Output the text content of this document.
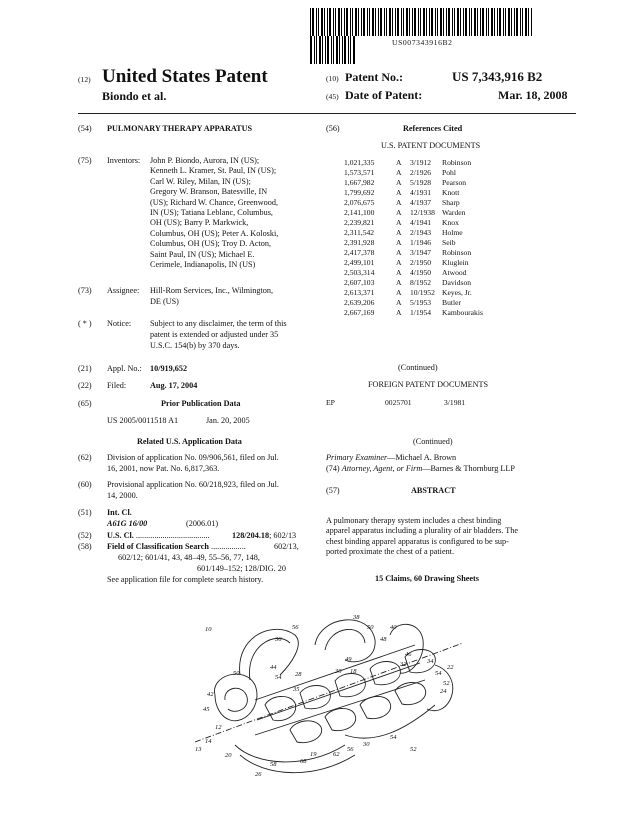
US007343916B2
(12) United States Patent
Biondo et al.
(10) Patent No.:	US 7,343,916 B2
(45) Date of Patent:	Mar. 18, 2008
(54) PULMONARY THERAPY APPARATUS
(75) Inventors: John P. Biondo, Aurora, IN (US);
Kenneth L. Kramer, St. Paul, IN (US);
Carl W. Riley, Milan, IN (US);
Gregory W. Branson, Batesville, IN
(US); Richard W. Chance, Greenwood,
IN (US); Tatiana Leblanc, Columbus,
OH (US); Barry P. Markwick,
Columbus, OH (US); Peter A. Koloski,
Columbus, OH (US); Troy D. Acton,
Saint Paul, IN (US); Michael E.
Cerimele, Indianapolis, IN (US)
(73) Assignee: Hill-Rom Services, Inc., Wilmington,
DE (US)
( * ) Notice: Subject to any disclaimer, the term of this
patent is extended or adjusted under 35
U.S.C. 154(b) by 370 days.
(21) Appl. No.: 10/919,652
(22) Filed:	Aug. 17, 2004
(65)	Prior Publication Data
US 2005/0011518 A1	Jan. 20, 2005
Related U.S. Application Data
(62) Division of application No. 09/906,561, filed on Jul.
16, 2001, now Pat. No. 6,817,363.
(60) Provisional application No. 60/218,923, filed on Jul.
14, 2000.
(51) Int. Cl.
A61G 16/00	(2006.01)
(52) U.S. Cl. ....................................	128/204.18; 602/13
(58) Field of Classification Search .................	602/13,
602/12; 601/41, 43, 48–49, 55–56, 77, 148,
601/149–152; 128/DIG. 20
See application file for complete search history.
(56)	References Cited
U.S. PATENT DOCUMENTS
1,021,335	A 3/1912 Robinson
1,573,571	A 2/1926 Pohl
1,667,982	A 5/1928 Pearson
1,799,692	A 4/1931 Knott
2,076,675	A 4/1937 Sharp
2,141,100	A 12/1938 Warden
2,239,821	A 4/1941 Knox
2,311,542	A 2/1943 Holme
2,391,928	A 1/1946 Seib
2,417,378	A 3/1947 Robinson
2,499,101	A 2/1950 Kluglein
2,503,314	A 4/1950 Atwood
2,607,103	A 8/1952 Davidson
2,613,371	A 10/1952 Keyes, Jr.
2,639,206	A 5/1953 Butler
2,667,169	A 1/1954 Kambourakis
(Continued)
FOREIGN PATENT DOCUMENTS
EP	0025701	3/1981
(Continued)
Primary Examiner—Michael A. Brown
(74) Attorney, Agent, or Firm—Barnes & Thornburg LLP
(57)	ABSTRACT
A pulmonary therapy system includes a chest binding
apparel apparatus including a plurality of air bladders. The
chest binding apparel apparatus is configured to be sup-
ported proximate the chest of a patient.
15 Claims, 60 Drawing Sheets
10	56
36
38
50	40
48
46
49
30 18
32	34
54
52
22
24
44
28
35
54
50
42
45
12
14
13
20
26
58	68
19	62
56
30
54
52
